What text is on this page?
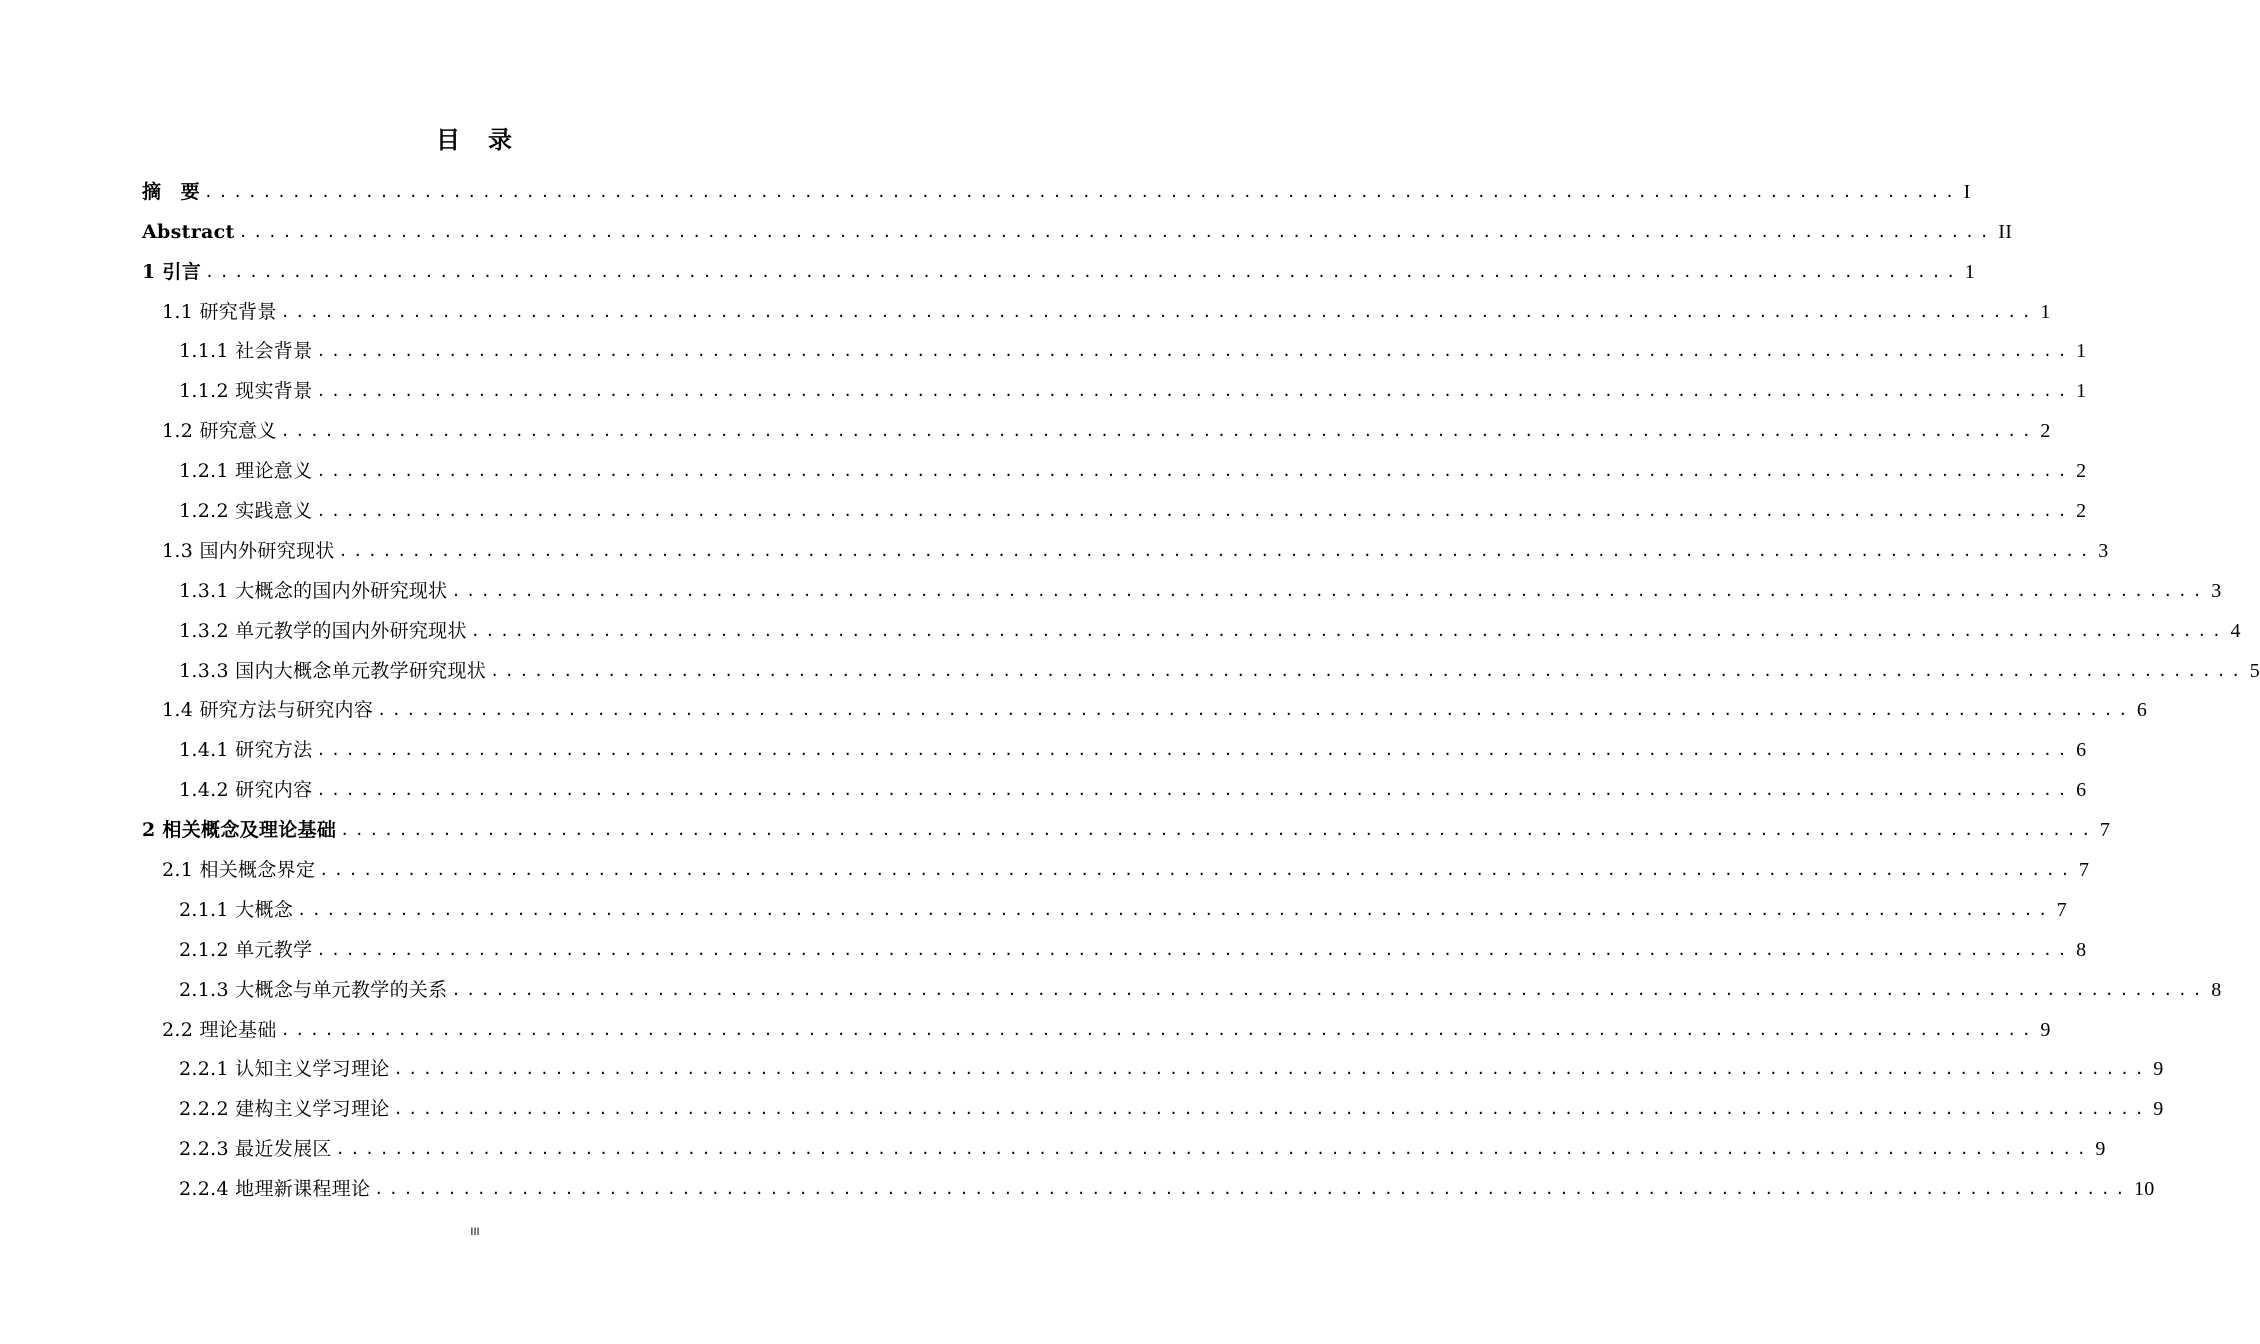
目　录
摘　要 ........................................................................................................................ I
Abstract ........................................................................................................................ II
1 引言 ........................................................................................................................ 1
1.1 研究背景 ........................................................................................................................ 1
1.1.1 社会背景 ........................................................................................................................ 1
1.1.2 现实背景 ........................................................................................................................ 1
1.2 研究意义 ........................................................................................................................ 2
1.2.1 理论意义 ........................................................................................................................ 2
1.2.2 实践意义 ........................................................................................................................ 2
1.3 国内外研究现状 ........................................................................................................................ 3
1.3.1 大概念的国内外研究现状 ........................................................................................................................ 3
1.3.2 单元教学的国内外研究现状 ........................................................................................................................ 4
1.3.3 国内大概念单元教学研究现状 ........................................................................................................................ 5
1.4 研究方法与研究内容 ........................................................................................................................ 6
1.4.1 研究方法 ........................................................................................................................ 6
1.4.2 研究内容 ........................................................................................................................ 6
2 相关概念及理论基础 ........................................................................................................................ 7
2.1 相关概念界定 ........................................................................................................................ 7
2.1.1 大概念 ........................................................................................................................ 7
2.1.2 单元教学 ........................................................................................................................ 8
2.1.3 大概念与单元教学的关系 ........................................................................................................................ 8
2.2 理论基础 ........................................................................................................................ 9
2.2.1 认知主义学习理论 ........................................................................................................................ 9
2.2.2 建构主义学习理论 ........................................................................................................................ 9
2.2.3 最近发展区 ........................................................................................................................ 9
2.2.4 地理新课程理论 ........................................................................................................................ 10
III
